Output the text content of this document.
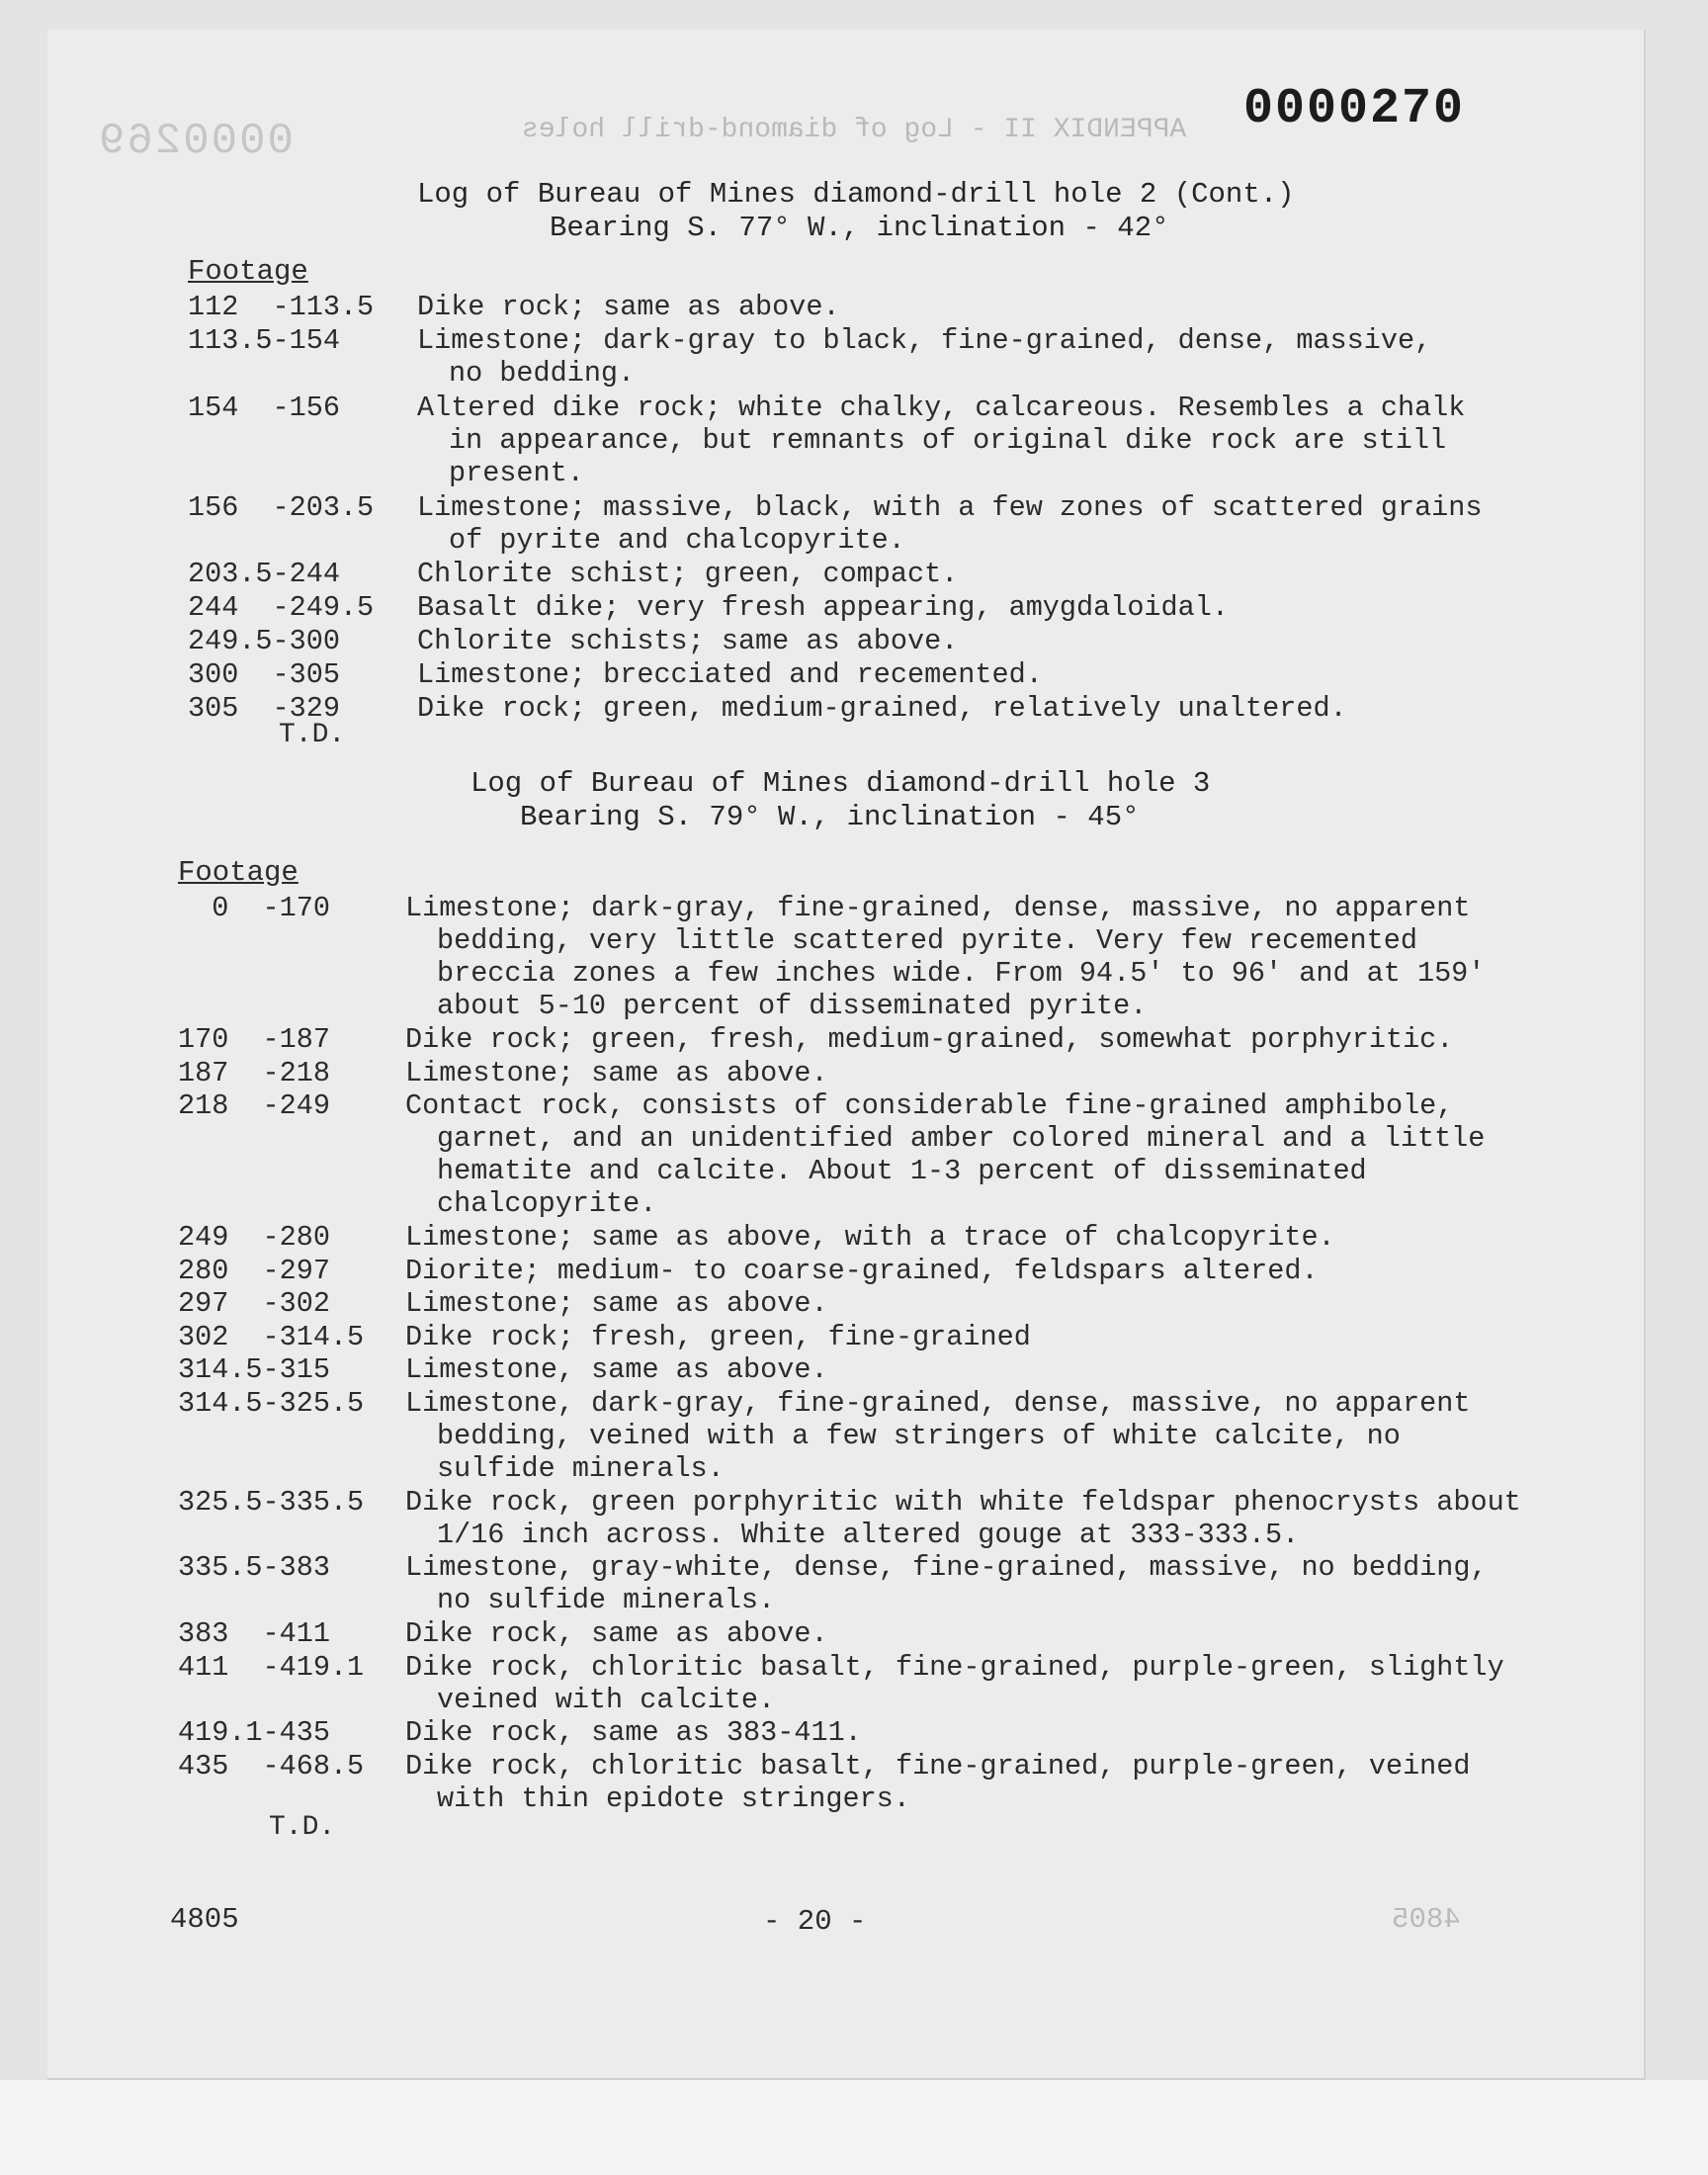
0000269	APPENDIX II - Log of diamond-drill holes
4805
0000270
Log of Bureau of Mines diamond-drill hole 2 (Cont.)
Bearing S. 77° W., inclination - 42°
Footage
112  -113.5 Dike rock; same as above.
113.5-154	Limestone; dark-gray to black, fine-grained, dense, massive,
no bedding.
154  -156	Altered dike rock; white chalky, calcareous. Resembles a chalk
in appearance, but remnants of original dike rock are still
present.
156  -203.5 Limestone; massive, black, with a few zones of scattered grains
of pyrite and chalcopyrite.
203.5-244	Chlorite schist; green, compact.
244  -249.5 Basalt dike; very fresh appearing, amygdaloidal.
249.5-300	Chlorite schists; same as above.
300  -305	Limestone; brecciated and recemented.
305  -329	Dike rock; green, medium-grained, relatively unaltered.
T.D.
Log of Bureau of Mines diamond-drill hole 3
Bearing S. 79° W., inclination - 45°
Footage
0  -170	Limestone; dark-gray, fine-grained, dense, massive, no apparent
bedding, very little scattered pyrite. Very few recemented
breccia zones a few inches wide. From 94.5' to 96' and at 159'
about 5-10 percent of disseminated pyrite.
170  -187	Dike rock; green, fresh, medium-grained, somewhat porphyritic.
187  -218	Limestone; same as above.
218  -249	Contact rock, consists of considerable fine-grained amphibole,
garnet, and an unidentified amber colored mineral and a little
hematite and calcite. About 1-3 percent of disseminated
chalcopyrite.
249  -280	Limestone; same as above, with a trace of chalcopyrite.
280  -297	Diorite; medium- to coarse-grained, feldspars altered.
297  -302	Limestone; same as above.
302  -314.5 Dike rock; fresh, green, fine-grained
314.5-315	Limestone, same as above.
314.5-325.5 Limestone, dark-gray, fine-grained, dense, massive, no apparent
bedding, veined with a few stringers of white calcite, no
sulfide minerals.
325.5-335.5 Dike rock, green porphyritic with white feldspar phenocrysts about
1/16 inch across. White altered gouge at 333-333.5.
335.5-383	Limestone, gray-white, dense, fine-grained, massive, no bedding,
no sulfide minerals.
383  -411	Dike rock, same as above.
411  -419.1 Dike rock, chloritic basalt, fine-grained, purple-green, slightly
veined with calcite.
419.1-435	Dike rock, same as 383-411.
435  -468.5 Dike rock, chloritic basalt, fine-grained, purple-green, veined
with thin epidote stringers.
T.D.
4805	- 20 -
